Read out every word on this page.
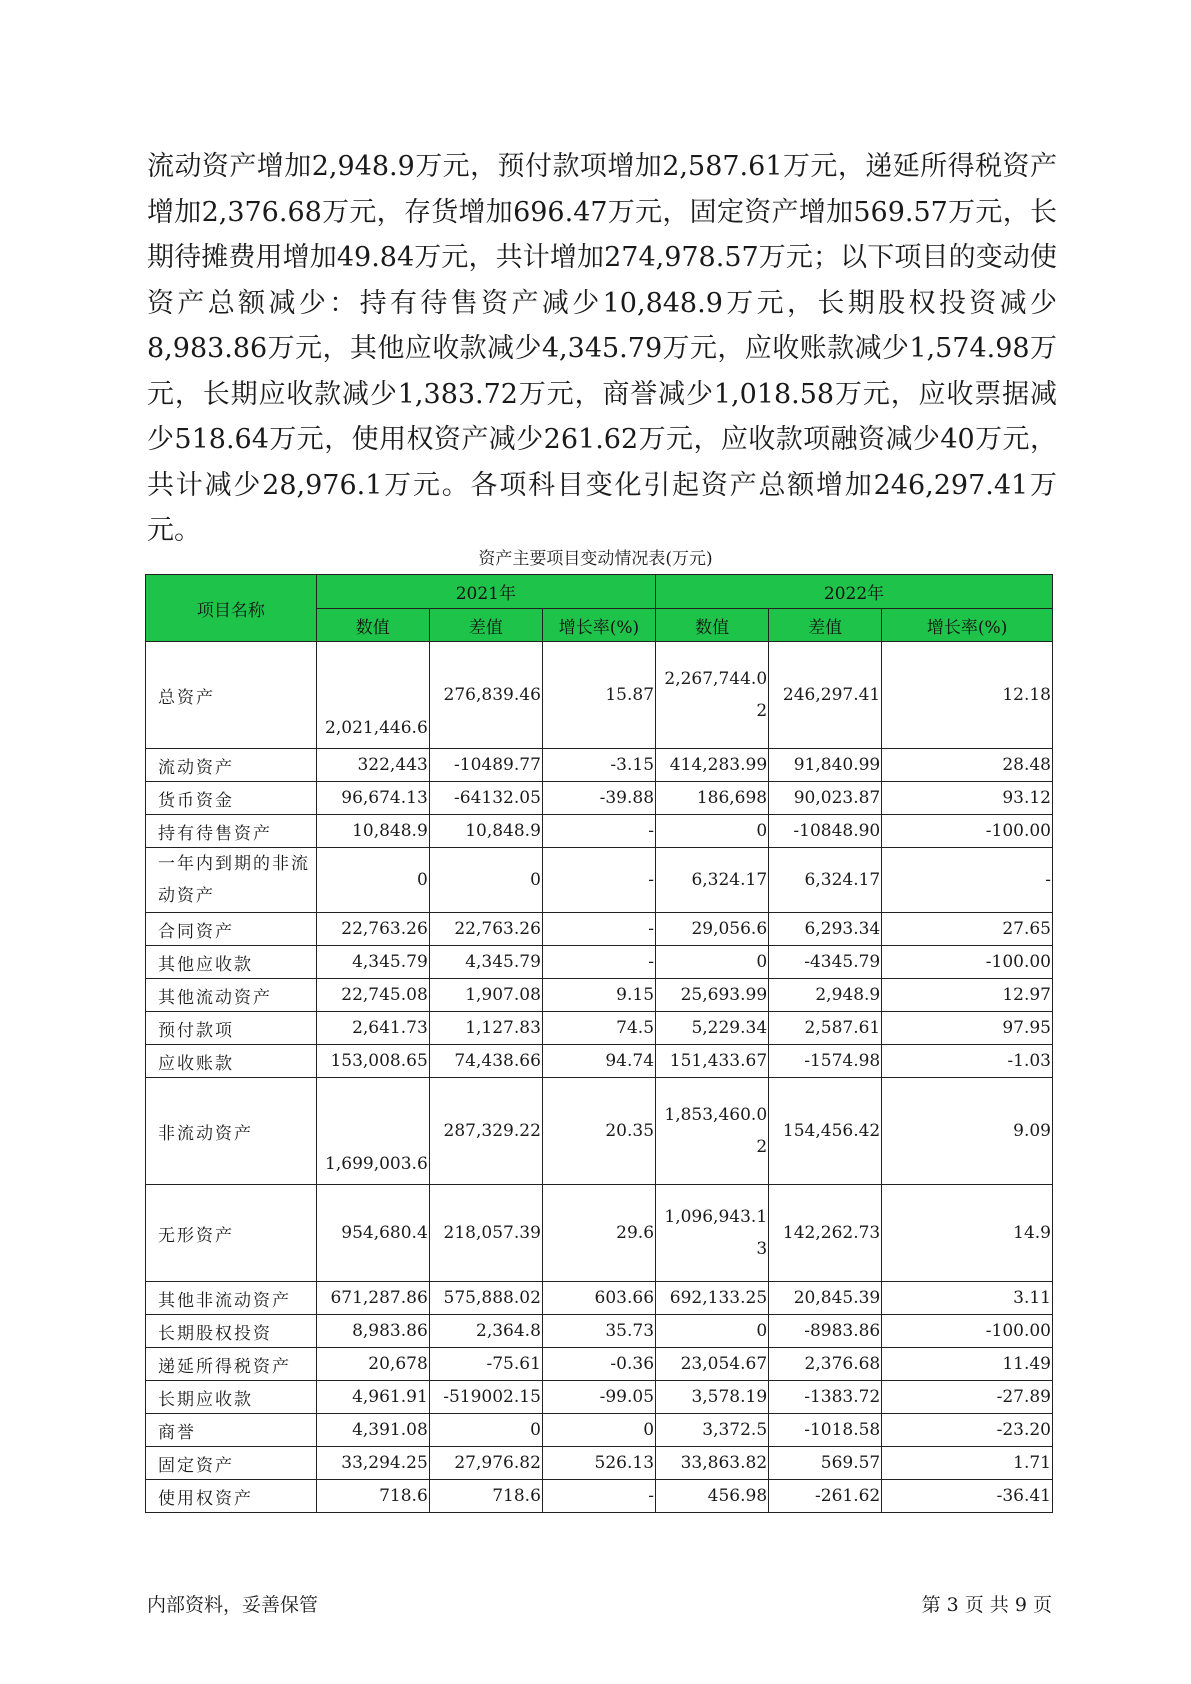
流动资产增加2,948.9万元，预付款项增加2,587.61万元，递延所得税资产增加2,376.68万元，存货增加696.47万元，固定资产增加569.57万元，长期待摊费用增加49.84万元，共计增加274,978.57万元；以下项目的变动使资产总额减少：持有待售资产减少10,848.9万元，长期股权投资减少8,983.86万元，其他应收款减少4,345.79万元，应收账款减少1,574.98万元，长期应收款减少1,383.72万元，商誉减少1,018.58万元，应收票据减少518.64万元，使用权资产减少261.62万元，应收款项融资减少40万元，共计减少28,976.1万元。各项科目变化引起资产总额增加246,297.41万元。

资产主要项目变动情况表(万元)
项目名称	2021年			2022年		
	数值	差值	增长率(%)	数值	差值	增长率(%)
总资产	2,021,446.6	276,839.46	15.87	2,267,744.02	246,297.41	12.18
流动资产	322,443	-10489.77	-3.15	414,283.99	91,840.99	28.48
货币资金	96,674.13	-64132.05	-39.88	186,698	90,023.87	93.12
持有待售资产	10,848.9	10,848.9	-	0	-10848.90	-100.00
一年内到期的非流动资产	0	0	-	6,324.17	6,324.17	-
合同资产	22,763.26	22,763.26	-	29,056.6	6,293.34	27.65
其他应收款	4,345.79	4,345.79	-	0	-4345.79	-100.00
其他流动资产	22,745.08	1,907.08	9.15	25,693.99	2,948.9	12.97
预付款项	2,641.73	1,127.83	74.5	5,229.34	2,587.61	97.95
应收账款	153,008.65	74,438.66	94.74	151,433.67	-1574.98	-1.03
非流动资产	1,699,003.6	287,329.22	20.35	1,853,460.02	154,456.42	9.09
无形资产	954,680.4	218,057.39	29.6	1,096,943.13	142,262.73	14.9
其他非流动资产	671,287.86	575,888.02	603.66	692,133.25	20,845.39	3.11
长期股权投资	8,983.86	2,364.8	35.73	0	-8983.86	-100.00
递延所得税资产	20,678	-75.61	-0.36	23,054.67	2,376.68	11.49
长期应收款	4,961.91	-519002.15	-99.05	3,578.19	-1383.72	-27.89
商誉	4,391.08	0	0	3,372.5	-1018.58	-23.20
固定资产	33,294.25	27,976.82	526.13	33,863.82	569.57	1.71
使用权资产	718.6	718.6	-	456.98	-261.62	-36.41
内部资料，妥善保管	第 3 页 共 9 页
